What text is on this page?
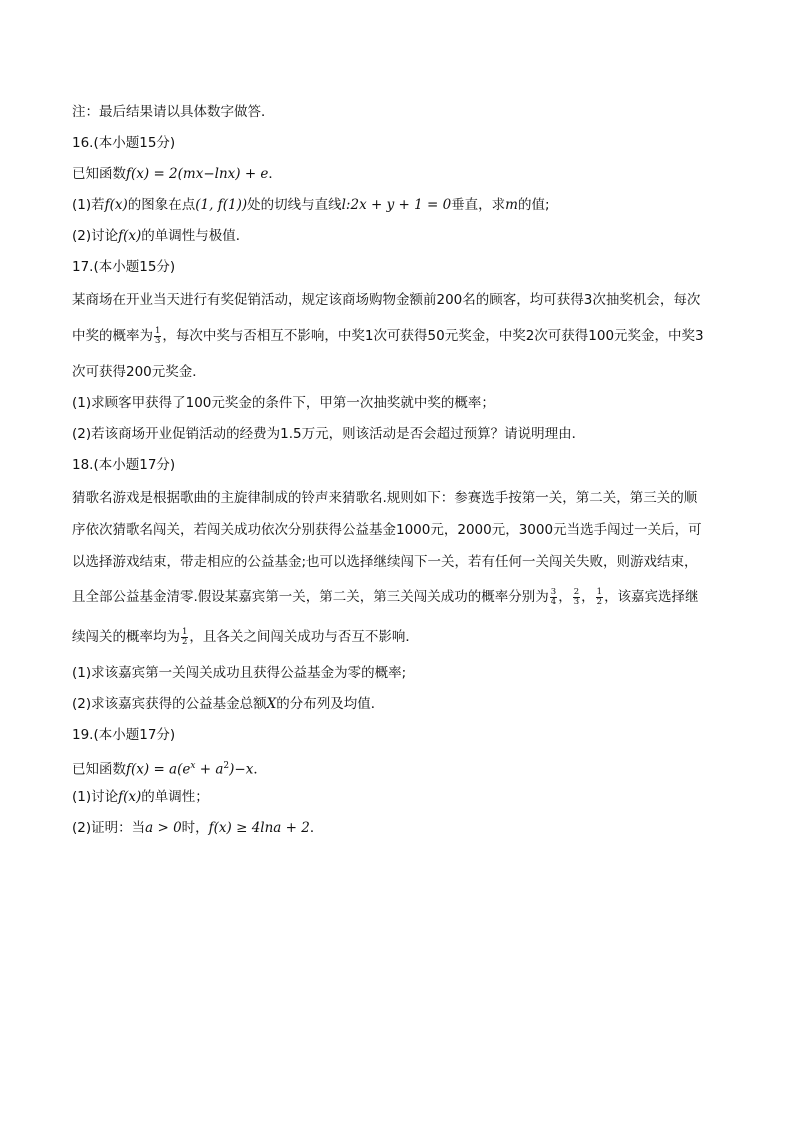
注：最后结果请以具体数字做答．
16.(本小题15分)
已知函数f(x) = 2(mx−lnx) + e．
(1)若f(x)的图象在点(1, f(1))处的切线与直线l:2x + y + 1 = 0垂直，求m的值;
(2)讨论f(x)的单调性与极值．
17.(本小题15分)
某商场在开业当天进行有奖促销活动，规定该商场购物金额前200名的顾客，均可获得3次抽奖机会，每次
中奖的概率为 $\frac{1}{3}$ ，每次中奖与否相互不影响，中奖1次可获得50元奖金，中奖2次可获得100元奖金，中奖3
次可获得200元奖金．
(1)求顾客甲获得了100元奖金的条件下，甲第一次抽奖就中奖的概率；
(2)若该商场开业促销活动的经费为1.5万元，则该活动是否会超过预算？请说明理由．
18.(本小题17分)
猜歌名游戏是根据歌曲的主旋律制成的铃声来猜歌名.规则如下：参赛选手按第一关，第二关，第三关的顺
序依次猜歌名闯关，若闯关成功依次分别获得公益基金1000元，2000元，3000元当选手闯过一关后，可
以选择游戏结束，带走相应的公益基金;也可以选择继续闯下一关，若有任何一关闯关失败，则游戏结束，
且全部公益基金清零.假设某嘉宾第一关，第二关，第三关闯关成功的概率分别为 $\frac{3}{4}$ ， $\frac{2}{3}$ ， $\frac{1}{2}$ ，该嘉宾选择继
续闯关的概率均为 $\frac{1}{2}$ ，且各关之间闯关成功与否互不影响．
(1)求该嘉宾第一关闯关成功且获得公益基金为零的概率;
(2)求该嘉宾获得的公益基金总额X的分布列及均值．
19.(本小题17分)
已知函数$f(x) = a(e^x + a^2)-x$．
(1)讨论f(x)的单调性；
(2)证明：当a > 0时，f(x) ≥ 4lna + 2．
